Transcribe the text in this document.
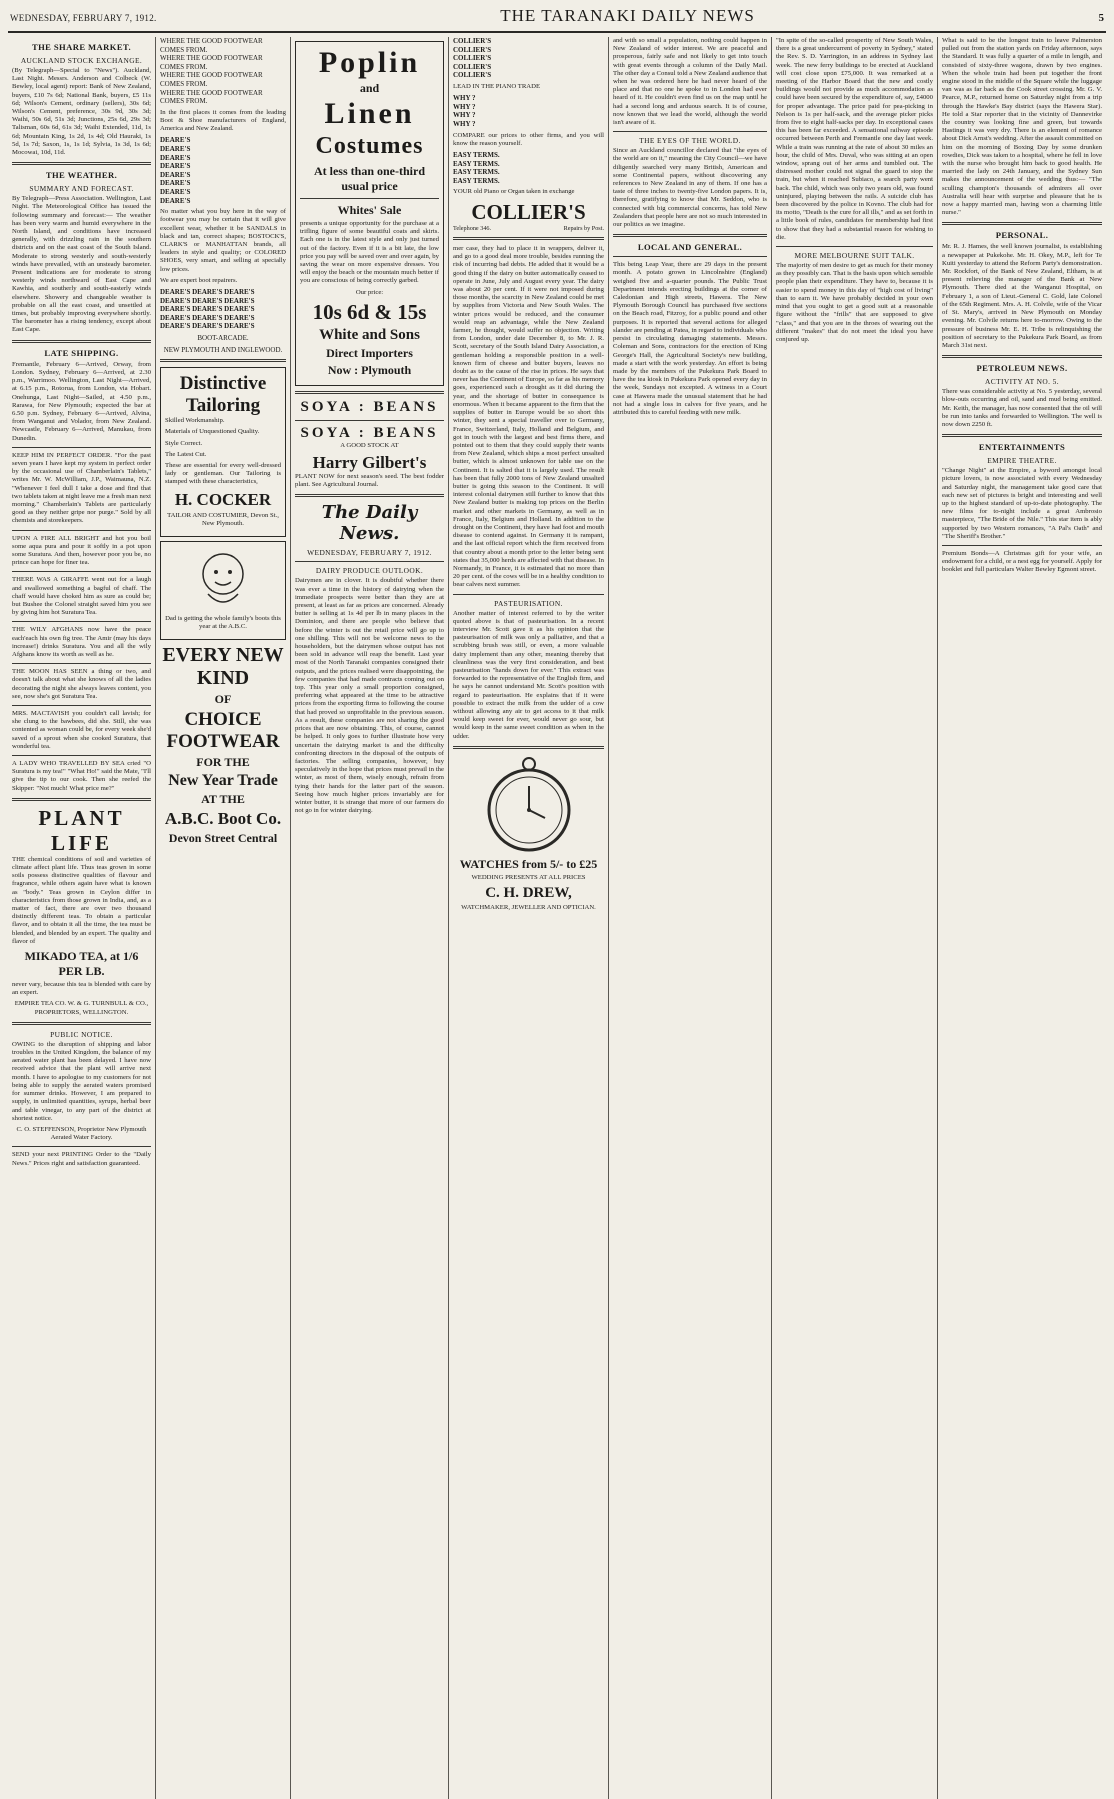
WEDNESDAY, FEBRUARY 7, 1912.	THE TARANAKI DAILY NEWS	5
THE SHARE MARKET.
AUCKLAND STOCK EXCHANGE.

(By Telegraph—Special to "News"). Auckland, Last Night. Messrs. Anderson and Colbeck (W. Bewley, local agent) report: Bank of New Zealand, buyers, £10 7s 6d; National Bank, buyers, £5 11s 6d; Wilson's Cement, ordinary (sellers), 30s 6d; Wilson's Cement, preference, 30s 9d, 30s 3d; Waihi, 50s 6d, 51s 3d; Junctions, 25s 6d, 29s 3d; Talisman, 60s 6d, 61s 3d; Waihi Extended, 11d, 1s 6d; Mountain King, 1s 2d, 1s 4d; Old Hauraki, 1s 5d, 1s 7d; Saxon, 1s, 1s 1d; Sylvia, 1s 3d, 1s 6d; Mocowai, 10d, 11d.

THE WEATHER.
SUMMARY AND FORECAST.

By Telegraph—Press Association. Wellington, Last Night. The Meteorological Office has issued the following summary and forecast:— The weather has been very warm and humid everywhere in the North Island, and conditions have increased generally, with drizzling rain in the southern districts and on the east coast of the South Island. Moderate to strong westerly and south-westerly winds have prevailed, with an unsteady barometer. Present indications are for moderate to strong westerly winds northward of East Cape and Kawhia, and southerly and south-easterly winds elsewhere. Showery and changeable weather is probable on all the east coast, and unsettled at times, but probably improving everywhere shortly. The barometer has a rising tendency, except about East Cape.

LATE SHIPPING.

Fremantle, February 6—Arrived, Orway, from London. Sydney, February 6—Arrived, at 2.30 p.m., Warrimoo. Wellington, Last Night—Arrived, at 6.15 p.m., Rotorua, from London, via Hobart. Onehunga, Last Night—Sailed, at 4.50 p.m., Rarawa, for New Plymouth; expected the bar at 6.50 p.m. Sydney, February 6—Arrived, Alvina, from Wanganui and Volador, from New Zealand. Newcastle, February 6—Arrived, Manukau, from Dunedin.

KEEP HIM IN PERFECT ORDER. "For the past seven years I have kept my system in perfect order by the occasional use of Chamberlain's Tablets," writes Mr. W. McWilliam, J.P., Waimauna, N.Z. "Whenever I feel dull I take a dose and find that two tablets taken at night leave me a fresh man next morning." Chamberlain's Tablets are particularly good as they neither gripe nor purge." Sold by all chemists and storekeepers.

UPON A FIRE ALL BRIGHT and hot you boil some aqua pura and pour it softly in a pot upon some Suratura. And then, however poor you be, no prince can hope for finer tea.

THERE WAS A GIRAFFE went out for a laugh and swallowed something a bagful of chaff. The chaff would have choked him as sure as could be; but Bushee the Colonel straight saved him you see by giving him hot Suratura Tea.

THE WILY AFGHANS now have the peace each'each his own fig tree. The Amir (may his days increase!) drinks Suratura. You and all the wily Afghans know its worth as well as he.

THE MOON HAS SEEN a thing or two, and doesn't talk about what she knows of all the ladies decorating the night she always leaves content, you see, now she's got Suratura Tea.

MRS. MACTAVISH you couldn't call lavish; for she clung to the bawbees, did she. Still, she was contented as woman could be, for every week she'd saved of a sprout when she cooked Suratura, that wonderful tea.

A LADY WHO TRAVELLED BY SEA cried "O Suratura is my tea!" "What Ho!" said the Mate, "I'll give the tip to our cook. Then she reefed the Skipper: "Not much! What price me?"

PLANT LIFE

THE chemical conditions of soil and varieties of climate affect plant life. Thus teas grown in some soils possess distinctive qualities of flavour and fragrance, while others again have what is known as "body." Teas grown in Ceylon differ in characteristics from those grown in India, and, as a matter of fact, there are over two thousand distinctly different teas. To obtain a particular flavor, and to obtain it all the time, the tea must be blended, and blended by an expert. The quality and flavor of

MIKADO TEA, at 1/6 PER LB.

never vary, because this tea is blended with care by an expert.

EMPIRE TEA CO. W. & G. TURNBULL & CO., PROPRIETORS, WELLINGTON.

PUBLIC NOTICE.

OWING to the disruption of shipping and labor troubles in the United Kingdom, the balance of my aerated water plant has been delayed. I have now received advice that the plant will arrive next month. I have to apologise to my customers for not being able to supply the aerated waters promised for summer drinks. However, I am prepared to supply, in unlimited quantities, syrups, herbal beer and table vinegar, to any part of the district at shortest notice.

C. O. STEFFENSON, Proprietor New Plymouth Aerated Water Factory.

SEND your next PRINTING Order to the "Daily News." Prices right and satisfaction guaranteed.

WHERE THE GOOD FOOTWEAR COMES FROM.
WHERE THE GOOD FOOTWEAR COMES FROM.
WHERE THE GOOD FOOTWEAR COMES FROM.
WHERE THE GOOD FOOTWEAR COMES FROM.

In the first places it comes from the leading Boot & Shoe manufacturers of England, America and New Zealand.

DEARE'S
DEARE'S
DEARE'S
DEARE'S
DEARE'S
DEARE'S
DEARE'S
DEARE'S

No matter what you buy here in the way of footwear you may be certain that it will give excellent wear, whether it be SANDALS in black and tan, correct shapes; BOSTOCK'S, CLARK'S or MANHATTAN brands, all leaders in style and quality; or COLORED SHOES, very smart, and selling at specially low prices.

We are expert boot repairers.

DEARE'S DEARE'S DEARE'S
DEARE'S DEARE'S DEARE'S
DEARE'S DEARE'S DEARE'S
DEARE'S DEARE'S DEARE'S
DEARE'S DEARE'S DEARE'S
BOOT-ARCADE.
NEW PLYMOUTH AND INGLEWOOD.
Distinctive Tailoring

Skilled Workmanship.

Materials of Unquestioned Quality.

Style Correct.

The Latest Cut.

These are essential for every well-dressed lady or gentleman. Our Tailoring is stamped with these characteristics,

H. COCKER

TAILOR AND COSTUMIER, Devon St., New Plymouth.

Dad is getting the whole family's boots this year at the A.B.C.

EVERY NEW
KIND
OF
CHOICE FOOTWEAR
FOR THE
New Year Trade
AT THE
A.B.C. Boot Co.
Devon Street Central
Poplin
and
Linen
Costumes
At less than one-third usual price
Whites' Sale

presents a unique opportunity for the purchase at a trifling figure of some beautiful coats and skirts. Each one is in the latest style and only just turned out of the factory. Even if it is a bit late, the low price you pay will be saved over and over again, by saving the wear on more expensive dresses. You will enjoy the beach or the mountain much better if you are conscious of being correctly garbed.

Our price:

10s 6d & 15s
White and Sons
Direct Importers
Now : Plymouth
SOYA : BEANS
SOYA : BEANS

A GOOD STOCK AT

Harry Gilbert's

PLANT NOW for next season's seed. The best fodder plant. See Agricultural Journal.

The Daily News.
WEDNESDAY, FEBRUARY 7, 1912.
DAIRY PRODUCE OUTLOOK.

Dairymen are in clover. It is doubtful whether there was ever a time in the history of dairying when the immediate prospects were better than they are at present, at least as far as prices are concerned. Already butter is selling at 1s 4d per lb in many places in the Dominion, and there are people who believe that before the winter is out the retail price will go up to one shilling. This will not be welcome news to the householders, but the dairymen whose output has not been sold in advance will reap the benefit. Last year most of the North Taranaki companies consigned their outputs, and the prices realised were disappointing, the few companies that had made contracts coming out on top. This year only a small proportion consigned, preferring what appeared at the time to be attractive prices from the exporting firms to following the course that had proved so unprofitable in the previous season. As a result, these companies are not sharing the good prices that are now obtaining. This, of course, cannot be helped. It only goes to further illustrate how very uncertain the dairying market is and the difficulty confronting directors in the disposal of the outputs of factories. The selling companies, however, buy speculatively in the hope that prices must prevail in the winter, as most of them, wisely enough, refrain from tying their hands for the latter part of the season. Seeing how much higher prices invariably are for winter butter, it is strange that more of our farmers do not go in for winter dairying.

COLLIER'S
COLLIER'S
COLLIER'S
COLLIER'S
COLLIER'S

LEAD IN THE PIANO TRADE

WHY ?
WHY ?
WHY ?
WHY ?

COMPARE our prices to other firms, and you will know the reason yourself.

EASY TERMS.
EASY TERMS.
EASY TERMS.
EASY TERMS.

YOUR old Piano or Organ taken in exchange

COLLIER'S
Telephone 346.	Repairs by Post.

mer case, they had to place it in wrappers, deliver it, and go to a good deal more trouble, besides running the risk of incurring bad debts. He added that it would be a good thing if the dairy on butter automatically ceased to operate in June, July and August every year. The dairy was about 20 per cent. If it were not imposed during those months, the scarcity in New Zealand could be met by supplies from Victoria and New South Wales. The winter prices would be reduced, and the consumer would reap an advantage, while the New Zealand farmer, he thought, would suffer no objection. Writing from London, under date December 8, to Mr. J. R. Scott, secretary of the South Island Dairy Association, a gentleman holding a responsible position in a well-known firm of cheese and butter buyers, leaves no doubt as to the cause of the rise in prices. He says that never has the Continent of Europe, so far as his memory goes, experienced such a drought as it did during the year, and the shortage of butter in consequence is enormous. When it became apparent to the firm that the supplies of butter in Europe would be so short this winter, they sent a special traveller over to Germany, France, Switzerland, Italy, Holland and Belgium, and got in touch with the largest and best firms there, and pointed out to them that they could supply their wants from New Zealand, which ships a most perfect unsalted butter, which is almost unknown for table use on the Continent. It is salted that it is largely used. The result has been that fully 2000 tons of New Zealand unsalted butter is going this season to the Continent. It will interest colonial dairymen still further to know that this New Zealand butter is making top prices on the Berlin market and other markets in Germany, as well as in France, Italy, Belgium and Holland. In addition to the drought on the Continent, they have had foot and mouth disease to contend against. In Germany it is rampant, and the last official report which the firm received from that country about a month prior to the letter being sent states that 35,000 herds are affected with that disease. In Normandy, in France, it is estimated that no more than 20 per cent. of the cows will be in a healthy condition to bear calves next summer.

PASTEURISATION.

Another matter of interest referred to by the writer quoted above is that of pasteurisation. In a recent interview Mr. Scott gave it as his opinion that the pasteurisation of milk was only a palliative, and that a scrubbing brush was still, or even, a more valuable dairy implement than any other, meaning thereby that cleanliness was the very first consideration, and best pasteurisation "hands down for ever." This extract was forwarded to the representative of the English firm, and he says he cannot understand Mr. Scott's position with regard to pasteurisation. He explains that if it were possible to extract the milk from the udder of a cow without allowing any air to get access to it that milk would keep sweet for ever, would never go sour, but would keep in the same sweet condition as when in the udder.

WATCHES from 5/- to £25

WEDDING PRESENTS AT ALL PRICES

C. H. DREW,

WATCHMAKER, JEWELLER AND OPTICIAN.

and with so small a population, nothing could happen in New Zealand of wider interest. We are peaceful and prosperous, fairly safe and not likely to get into touch with great events through a column of the Daily Mail. The other day a Consul told a New Zealand audience that when he was ordered here he had never heard of the place and that no one he spoke to in London had ever heard of it. He couldn't even find us on the map until he had a second long and arduous search. It is of course, now known that we lead the world, although the world isn't aware of it.

THE EYES OF THE WORLD.

Since an Auckland councillor declared that "the eyes of the world are on it," meaning the City Council—we have diligently searched very many British, American and some Continental papers, without discovering any references to New Zealand in any of them. If one has a taste of three inches to twenty-five London papers. It is, therefore, gratifying to know that Mr. Seddon, who is connected with big commercial concerns, has told New Zealanders that people here are not so much interested in our politics as we imagine.

LOCAL AND GENERAL.

This being Leap Year, there are 29 days in the present month. A potato grown in Lincolnshire (England) weighed five and a-quarter pounds. The Public Trust Department intends erecting buildings at the corner of Caledonian and High streets, Hawera. The New Plymouth Borough Council has purchased five sections on the Beach road, Fitzroy, for a public pound and other purposes. It is reported that several actions for alleged slander are pending at Patea, in regard to individuals who persist in circulating damaging statements. Messrs. Coleman and Sons, contractors for the erection of King George's Hall, the Agricultural Society's new building, made a start with the work yesterday. An effort is being made by the members of the Pukekura Park Board to have the tea kiosk in Pukekura Park opened every day in the week, Sundays not excepted. A witness in a Court case at Hawera made the unusual statement that he had not had a single loss in calves for five years, and he attributed this to careful feeding with new milk.

"In spite of the so-called prosperity of New South Wales, there is a great undercurrent of poverty in Sydney," stated the Rev. S. D. Yarrington, in an address in Sydney last week. The new ferry buildings to be erected at Auckland will cost close upon £75,000. It was remarked at a meeting of the Harbor Board that the new and costly buildings would not provide as much accommodation as could have been secured by the expenditure of, say, £4000 for proper advantage. The price paid for pea-picking in Nelson is 1s per half-sack, and the average picker picks from five to eight half-sacks per day. In exceptional cases this has been far exceeded. A sensational railway episode occurred between Perth and Fremantle one day last week. While a train was running at the rate of about 30 miles an hour, the child of Mrs. Duval, who was sitting at an open window, sprang out of her arms and tumbled out. The distressed mother could not signal the guard to stop the train, but when it reached Subiaco, a search party went back. The child, which was only two years old, was found uninjured, playing between the rails. A suicide club has been discovered by the police in Kovno. The club had for its motto, "Death is the cure for all ills," and as set forth in a little book of rules, candidates for membership had first to show that they had a substantial reason for wishing to die.

MORE MELBOURNE SUIT TALK.

The majority of men desire to get as much for their money as they possibly can. That is the basis upon which sensible people plan their expenditure. They have to, because it is easier to spend money in this day of "high cost of living" than to earn it. We have probably decided in your own mind that you ought to get a good suit at a reasonable figure without the "frills" that are supposed to give "class," and that you are in the throes of wearing out the different "makes" that do not meet the ideal you have conjured up.

What is said to be the longest train to leave Palmerston pulled out from the station yards on Friday afternoon, says the Standard. It was fully a quarter of a mile in length, and consisted of sixty-three wagons, drawn by two engines. When the whole train had been put together the front engine stood in the middle of the Square while the luggage van was as far back as the Cook street crossing. Mr. G. V. Pearce, M.P., returned home on Saturday night from a trip through the Hawke's Bay district (says the Hawera Star). He told a Star reporter that in the vicinity of Dannevirke the country was looking fine and green, but towards Hastings it was very dry. There is an element of romance about Dick Arnst's wedding. After the assault committed on him on the morning of Boxing Day by some drunken rowdies, Dick was taken to a hospital, where he fell in love with the nurse who brought him back to good health. He married the lady on 24th January, and the Sydney Sun makes the announcement of the wedding thus:— "The sculling champion's thousands of admirers all over Australia will hear with surprise and pleasure that he is now a happy married man, having won a charming little nurse."

PERSONAL.

Mr. R. J. Hames, the well known journalist, is establishing a newspaper at Pukekohe. Mr. H. Okey, M.P., left for Te Kuiti yesterday to attend the Reform Party's demonstration. Mr. Rockfort, of the Bank of New Zealand, Eltham, is at present relieving the manager of the Bank at New Plymouth. There died at the Wanganui Hospital, on February 1, a son of Lieut.-General C. Gold, late Colonel of the 65th Regiment. Mrs. A. H. Colvile, wife of the Vicar of St. Mary's, arrived in New Plymouth on Monday evening. Mr. Colvile returns here to-morrow. Owing to the pressure of business Mr. E. H. Tribe is relinquishing the position of secretary to the Pukekura Park Board, as from March 31st next.

PETROLEUM NEWS.
ACTIVITY AT NO. 5.

There was considerable activity at No. 5 yesterday, several blow-outs occurring and oil, sand and mud being emitted. Mr. Keith, the manager, has now consented that the oil will be run into tanks and forwarded to Wellington. The well is now down 2250 ft.

ENTERTAINMENTS
EMPIRE THEATRE.

"Change Night" at the Empire, a byword amongst local picture lovers, is now associated with every Wednesday and Saturday night, the management take good care that each new set of pictures is bright and interesting and well up to the highest standard of up-to-date photography. The new films for to-night include a great Ambrosio masterpiece, "The Bride of the Nile." This star item is ably supported by two Western romances, "A Pal's Oath" and "The Sheriff's Brother."

Premium Bonds—A Christmas gift for your wife, an endowment for a child, or a nest egg for yourself. Apply for booklet and full particulars Walter Bewley Egmont street.
